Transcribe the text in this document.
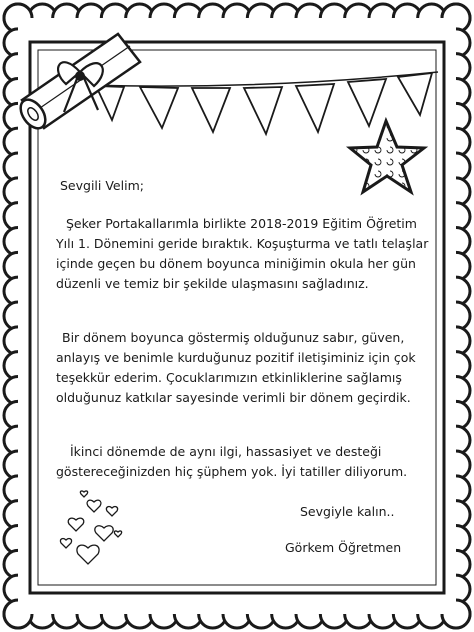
Sevgili Velim;
Şeker Portakallarımla birlikte 2018-2019 Eğitim Öğretim Yılı 1. Dönemini geride bıraktık. Koşuşturma ve tatlı telaşlar içinde geçen bu dönem boyunca miniğimin okula her gün düzenli ve temiz bir şekilde ulaşmasını sağladınız.
Bir dönem boyunca göstermiş olduğunuz sabır, güven, anlayış ve benimle kurduğunuz pozitif iletişiminiz için çok teşekkür ederim. Çocuklarımızın etkinliklerine sağlamış olduğunuz katkılar sayesinde verimli bir dönem geçirdik.
İkinci dönemde de aynı ilgi, hassasiyet ve desteği göstereceğinizden hiç şüphem yok. İyi tatiller diliyorum.
Sevgiyle kalın..
Görkem Öğretmen
